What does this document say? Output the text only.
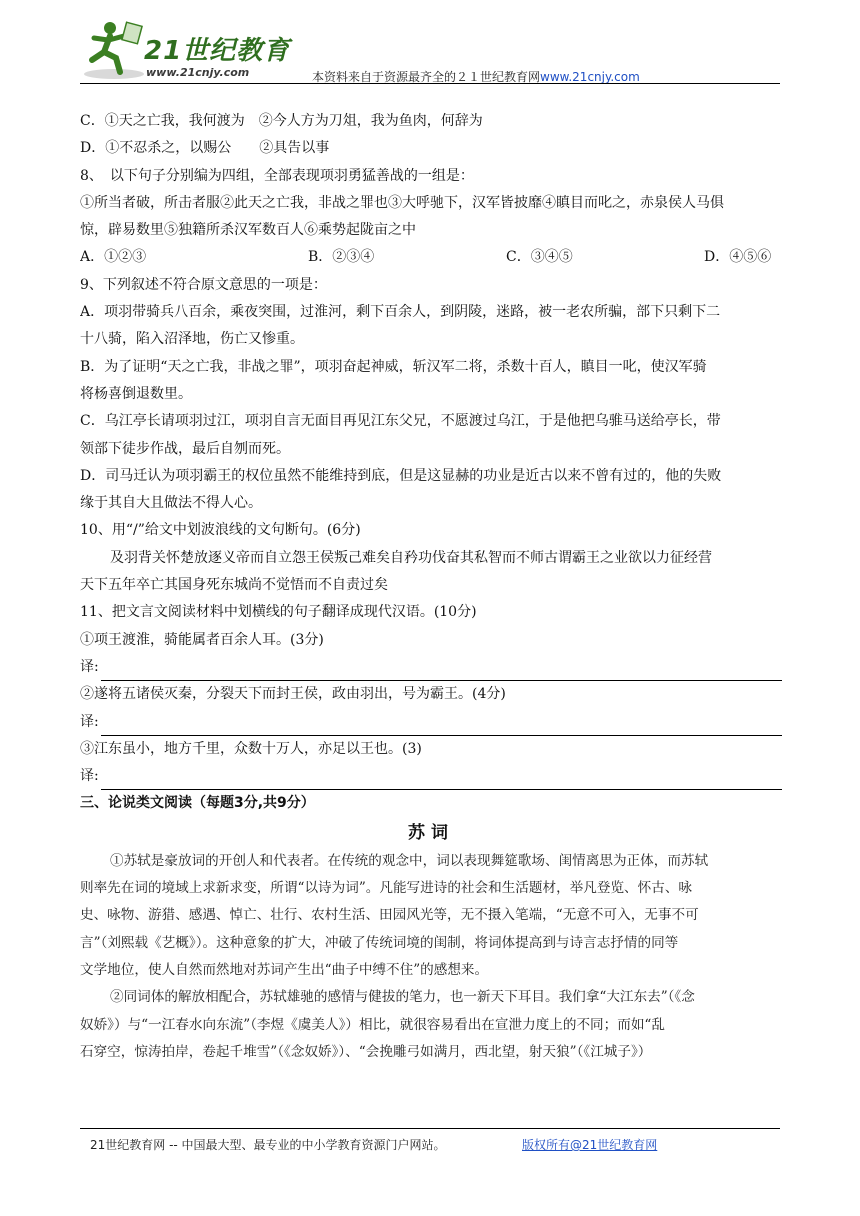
21世纪教育
www.21cnjy.com	本资料来自于资源最齐全的２１世纪教育网www.21cnjy.com
C．①天之亡我，我何渡为　②今人方为刀俎，我为鱼肉，何辞为
D．①不忍杀之，以赐公　　②具告以事
8、　以下句子分别编为四组，全部表现项羽勇猛善战的一组是：
①所当者破，所击者服②此天之亡我，非战之罪也③大呼驰下，汉军皆披靡④瞋目而叱之，赤泉侯人马俱
惊，辟易数里⑤独籍所杀汉军数百人⑥乘势起陇亩之中
A．①②③	B．②③④	C．③④⑤	D．④⑤⑥
9、下列叙述不符合原文意思的一项是：
A．项羽带骑兵八百余，乘夜突围，过淮河，剩下百余人，到阴陵，迷路，被一老农所骗，部下只剩下二
十八骑，陷入沼泽地，伤亡又惨重。
B．为了证明“天之亡我，非战之罪”，项羽奋起神威，斩汉军二将，杀数十百人，瞋目一叱，使汉军骑
将杨喜倒退数里。
C．乌江亭长请项羽过江，项羽自言无面目再见江东父兄，不愿渡过乌江，于是他把乌骓马送给亭长，带
领部下徒步作战，最后自刎而死。
D．司马迁认为项羽霸王的权位虽然不能维持到底，但是这显赫的功业是近古以来不曾有过的，他的失败
缘于其自大且做法不得人心。
10、用“/”给文中划波浪线的文句断句。(6分)
及羽背关怀楚放逐义帝而自立怨王侯叛己难矣自矜功伐奋其私智而不师古谓霸王之业欲以力征经营
天下五年卒亡其国身死东城尚不觉悟而不自责过矣
11、把文言文阅读材料中划横线的句子翻译成现代汉语。(10分)
①项王渡淮，骑能属者百余人耳。(3分)
译:
②遂将五诸侯灭秦，分裂天下而封王侯，政由羽出，号为霸王。(4分)
译:
③江东虽小，地方千里，众数十万人，亦足以王也。(3)
译:
三、论说类文阅读（每题3分,共9分）
苏词
①苏轼是豪放词的开创人和代表者。在传统的观念中，词以表现舞筵歌场、闺情离思为正体，而苏轼
则率先在词的境域上求新求变，所谓“以诗为词”。凡能写进诗的社会和生活题材，举凡登览、怀古、咏
史、咏物、游猎、感遇、悼亡、壮行、农村生活、田园风光等，无不摄入笔端，“无意不可入，无事不可
言”（刘熙载《艺概》）。这种意象的扩大，冲破了传统词境的闺制，将词体提高到与诗言志抒情的同等
文学地位，使人自然而然地对苏词产生出“曲子中缚不住”的感想来。
②同词体的解放相配合，苏轼雄驰的感情与健拔的笔力，也一新天下耳目。我们拿“大江东去”（《念
奴娇》）与“一江春水向东流”（李煜《虞美人》）相比，就很容易看出在宣泄力度上的不同；而如“乱
石穿空，惊涛拍岸，卷起千堆雪”（《念奴娇》）、“会挽雕弓如满月，西北望，射天狼”（《江城子》）
21世纪教育网 -- 中国最大型、最专业的中小学教育资源门户网站。	版权所有@21世纪教育网
